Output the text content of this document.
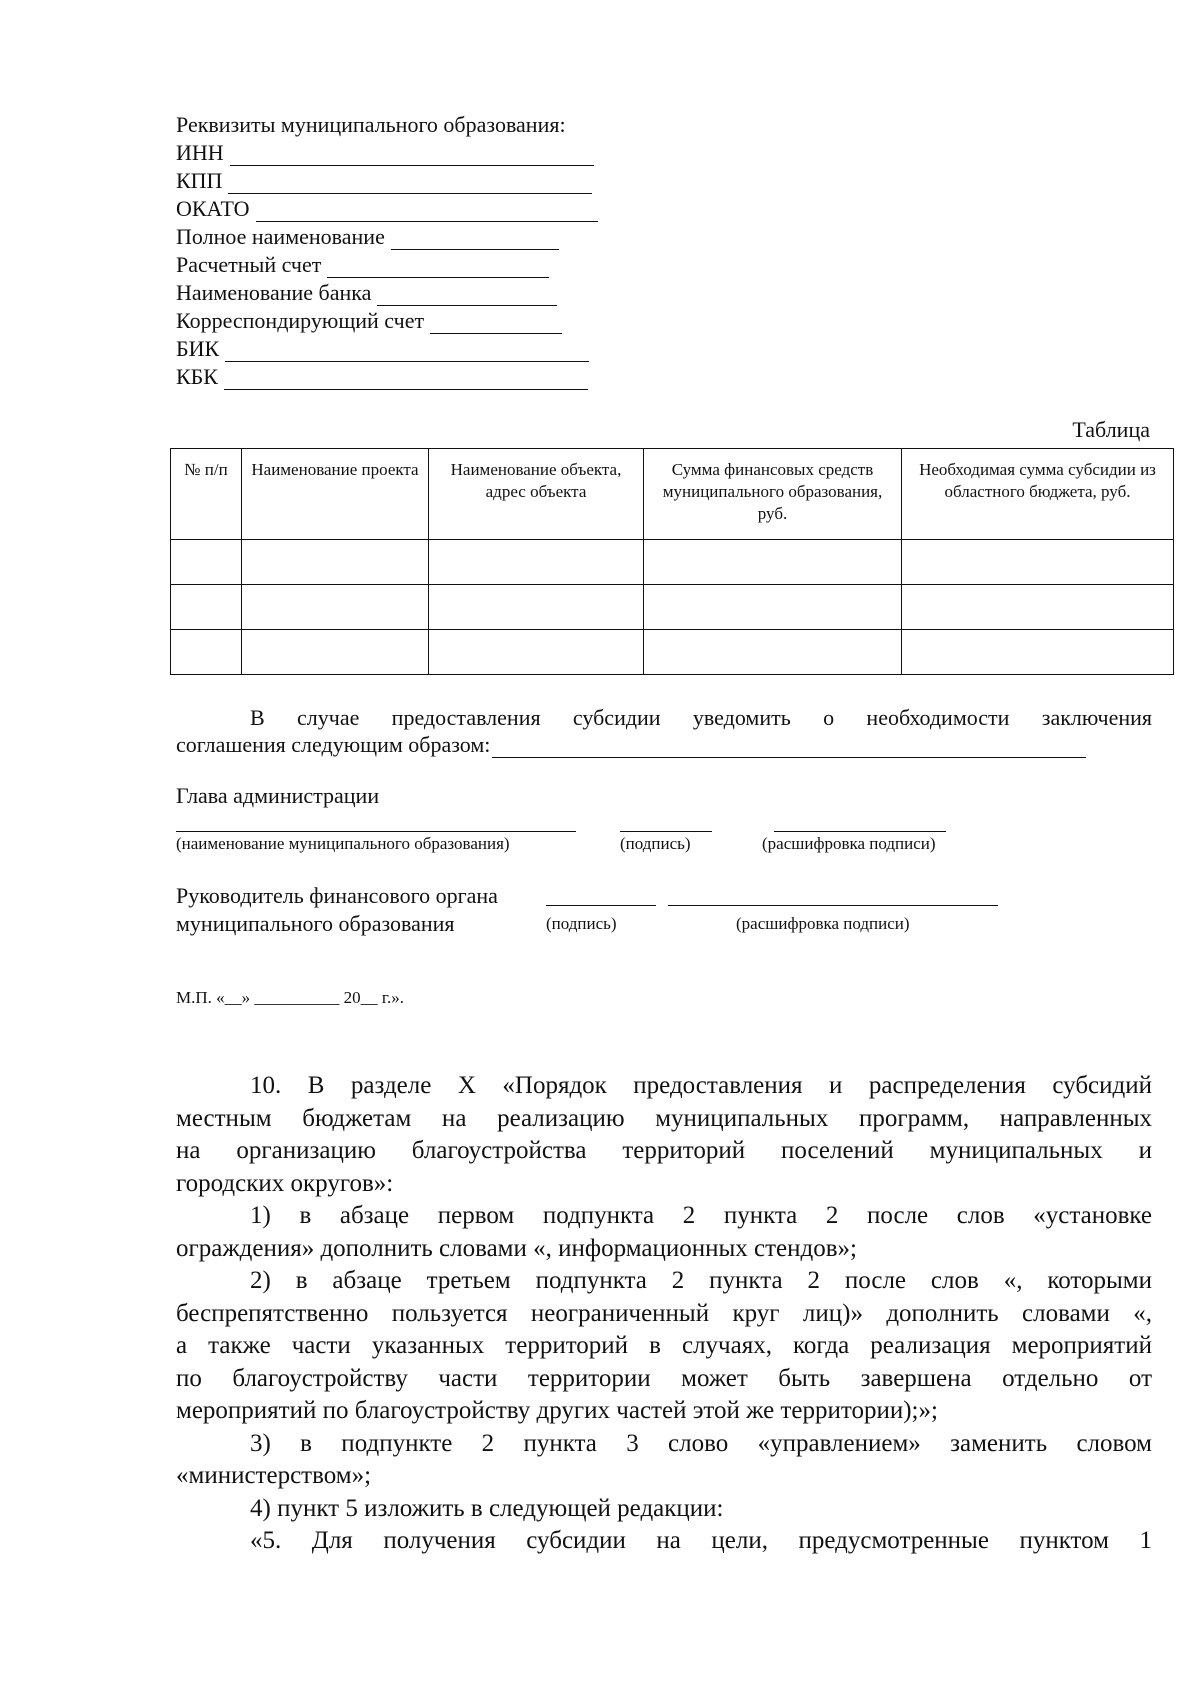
Реквизиты муниципального образования:
ИНН
КПП
ОКАТО
Полное наименование
Расчетный счет
Наименование банка
Корреспондирующий счет
БИК
КБК
Таблица
№ п/п	Наименование проекта	Наименование объекта, адрес объекта	Сумма финансовых средств муниципального образования, руб.	Необходимая сумма субсидии из областного бюджета, руб.

В случае предоставления субсидии уведомить о необходимости заключения
соглашения следующим образом:
Глава администрации
(наименование муниципального образования)	(подпись)	(расшифровка подписи)
Руководитель финансового органа
муниципального образования	(подпись)	(расшифровка подписи)
М.П. «__» __________ 20__ г.».
10. В разделе X «Порядок предоставления и распределения субсидий
местным бюджетам на реализацию муниципальных программ, направленных
на организацию благоустройства территорий поселений муниципальных и
городских округов»:
1) в абзаце первом подпункта 2 пункта 2 после слов «установке
ограждения» дополнить словами «, информационных стендов»;
2) в абзаце третьем подпункта 2 пункта 2 после слов «, которыми
беспрепятственно пользуется неограниченный круг лиц)» дополнить словами «,
а также части указанных территорий в случаях, когда реализация мероприятий
по благоустройству части территории может быть завершена отдельно от
мероприятий по благоустройству других частей этой же территории);»;
3) в подпункте 2 пункта 3 слово «управлением» заменить словом
«министерством»;
4) пункт 5 изложить в следующей редакции:
«5. Для получения субсидии на цели, предусмотренные пунктом 1
